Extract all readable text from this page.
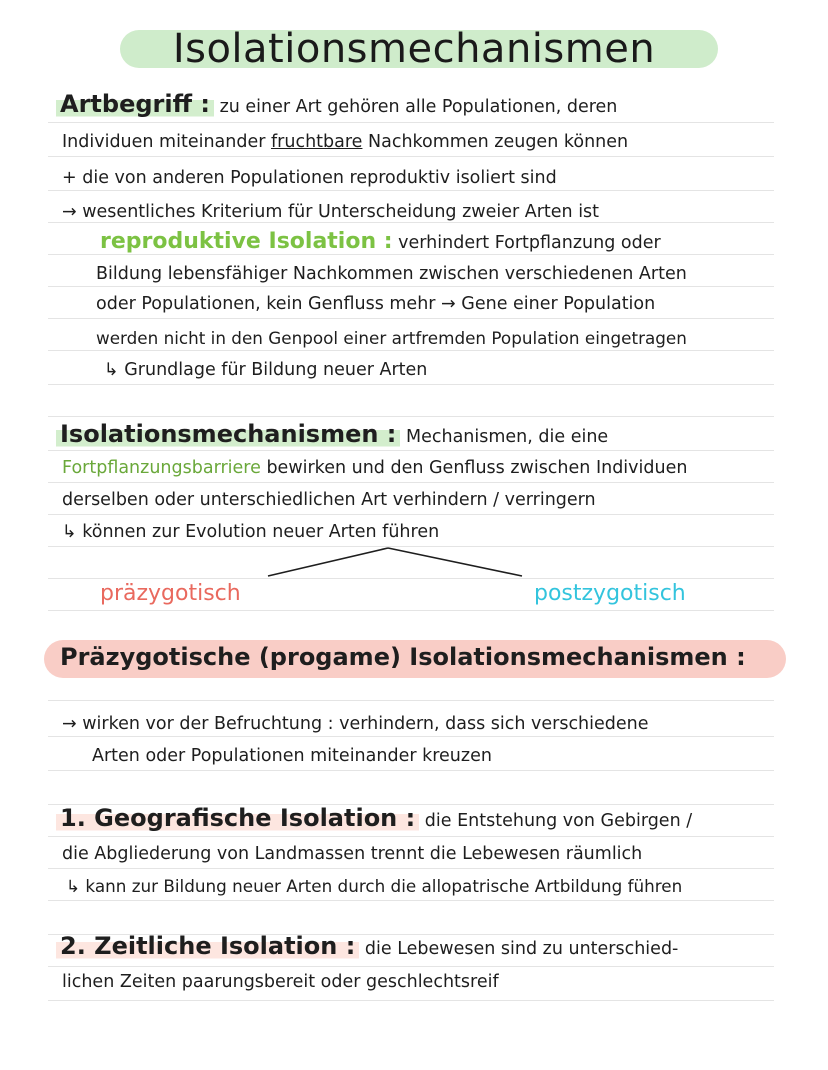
Isolationsmechanismen
Artbegriff : zu einer Art gehören alle Populationen, deren
Individuen miteinander fruchtbare Nachkommen zeugen können
+ die von anderen Populationen reproduktiv isoliert sind
→ wesentliches Kriterium für Unterscheidung zweier Arten ist
reproduktive Isolation : verhindert Fortpflanzung oder
Bildung lebensfähiger Nachkommen zwischen verschiedenen Arten
oder Populationen, kein Genfluss mehr → Gene einer Population
werden nicht in den Genpool einer artfremden Population eingetragen
↳ Grundlage für Bildung neuer Arten
Isolationsmechanismen : Mechanismen, die eine
Fortpflanzungsbarriere bewirken und den Genfluss zwischen Individuen
derselben oder unterschiedlichen Art verhindern / verringern
↳ können zur Evolution neuer Arten führen
präzygotisch	postzygotisch
Präzygotische (progame) Isolationsmechanismen :
→ wirken vor der Befruchtung : verhindern, dass sich verschiedene
Arten oder Populationen miteinander kreuzen
1. Geografische Isolation : die Entstehung von Gebirgen /
die Abgliederung von Landmassen trennt die Lebewesen räumlich
↳ kann zur Bildung neuer Arten durch die allopatrische Artbildung führen
2. Zeitliche Isolation : die Lebewesen sind zu unterschied-
lichen Zeiten paarungsbereit oder geschlechtsreif
